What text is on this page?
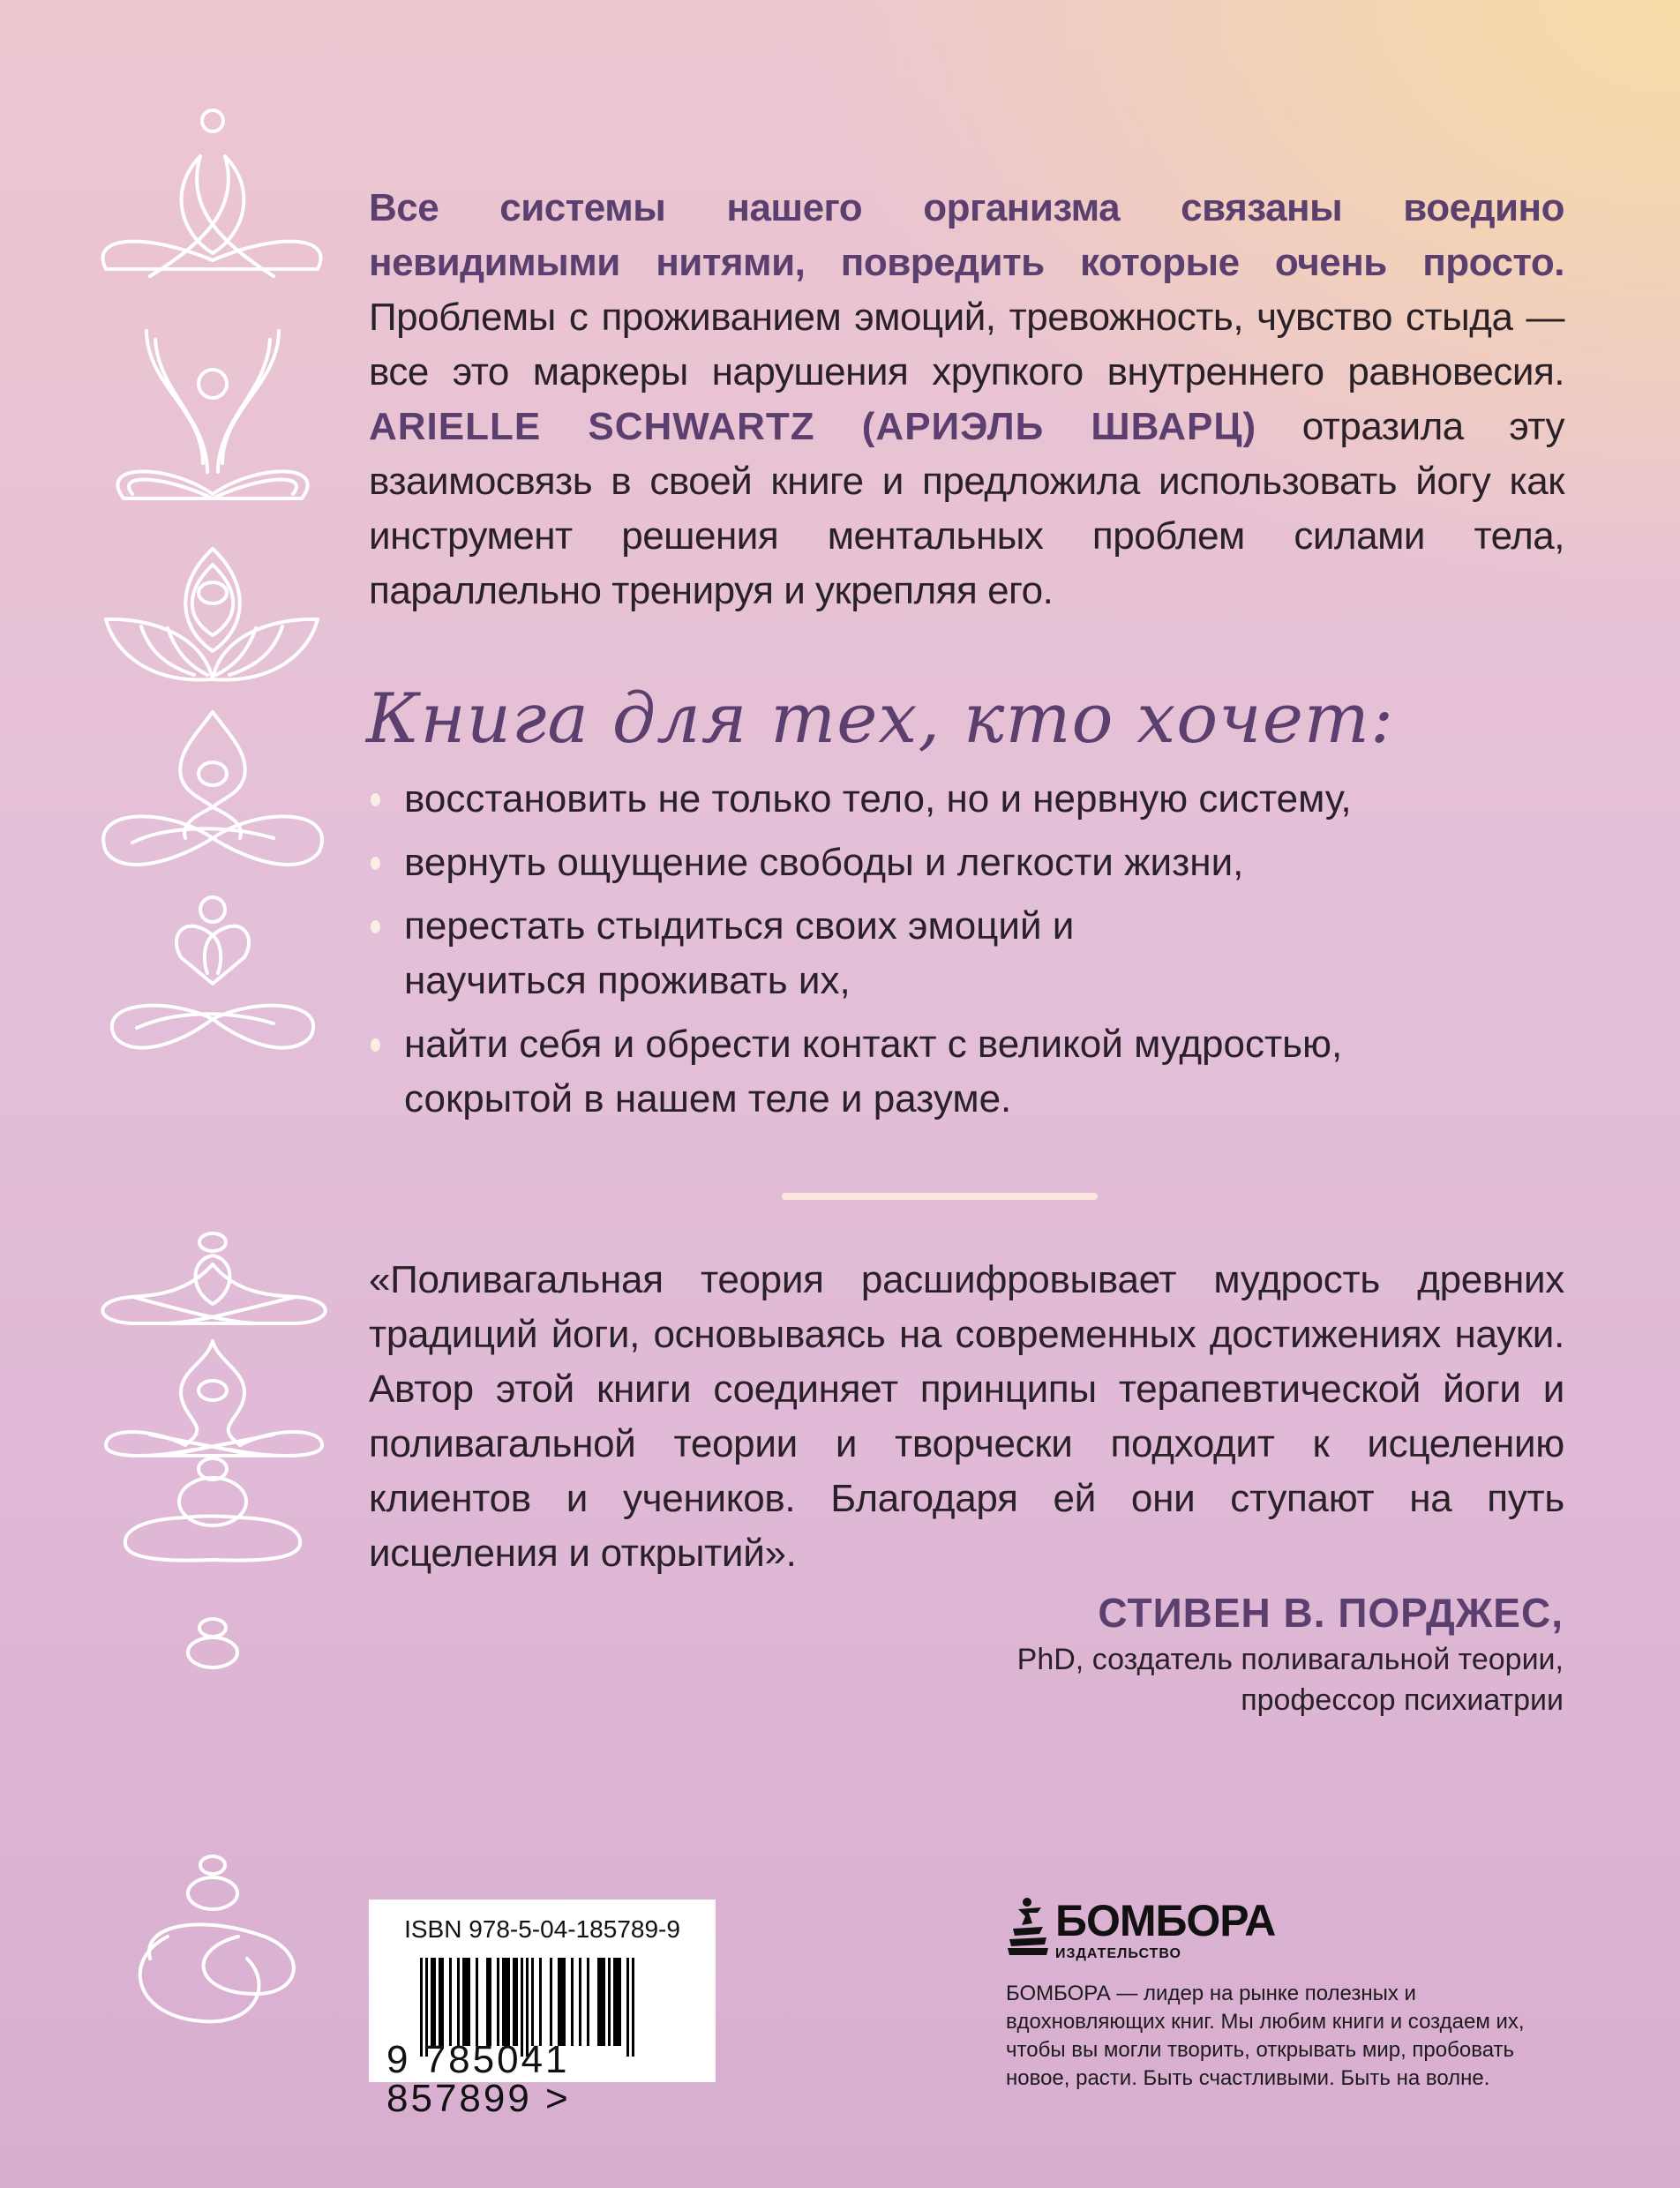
Все системы нашего организма связаны воедино невидимыми нитями, повредить которые очень просто. Проблемы с проживанием эмоций, тревожность, чувство стыда — все это маркеры нарушения хрупкого внутреннего равновесия. ARIELLE SCHWARTZ (АРИЭЛЬ ШВАРЦ) отразила эту взаимосвязь в своей книге и предложила использовать йогу как инструмент решения ментальных проблем силами тела, параллельно тренируя и укрепляя его.
Книга для тех, кто хочет:
восстановить не только тело, но и нервную систему,
вернуть ощущение свободы и легкости жизни,
перестать стыдиться своих эмоций и научиться проживать их,
найти себя и обрести контакт с великой мудростью, сокрытой в нашем теле и разуме.
«Поливагальная теория расшифровывает мудрость древних традиций йоги, основываясь на современных достижениях науки. Автор этой книги соединяет принципы терапевтической йоги и поливагальной теории и творчески подходит к исцелению клиентов и учеников. Благодаря ей они ступают на путь исцеления и открытий».
СТИВЕН В. ПОРДЖЕС,
PhD, создатель поливагальной теории,
профессор психиатрии
ISBN 978-5-04-185789-9
9 785041 857899 >
БОМБОРА
ИЗДАТЕЛЬСТВО
БОМБОРА — лидер на рынке полезных и вдохновляющих книг. Мы любим книги и создаем их, чтобы вы могли творить, открывать мир, пробовать новое, расти. Быть счастливыми. Быть на волне.
